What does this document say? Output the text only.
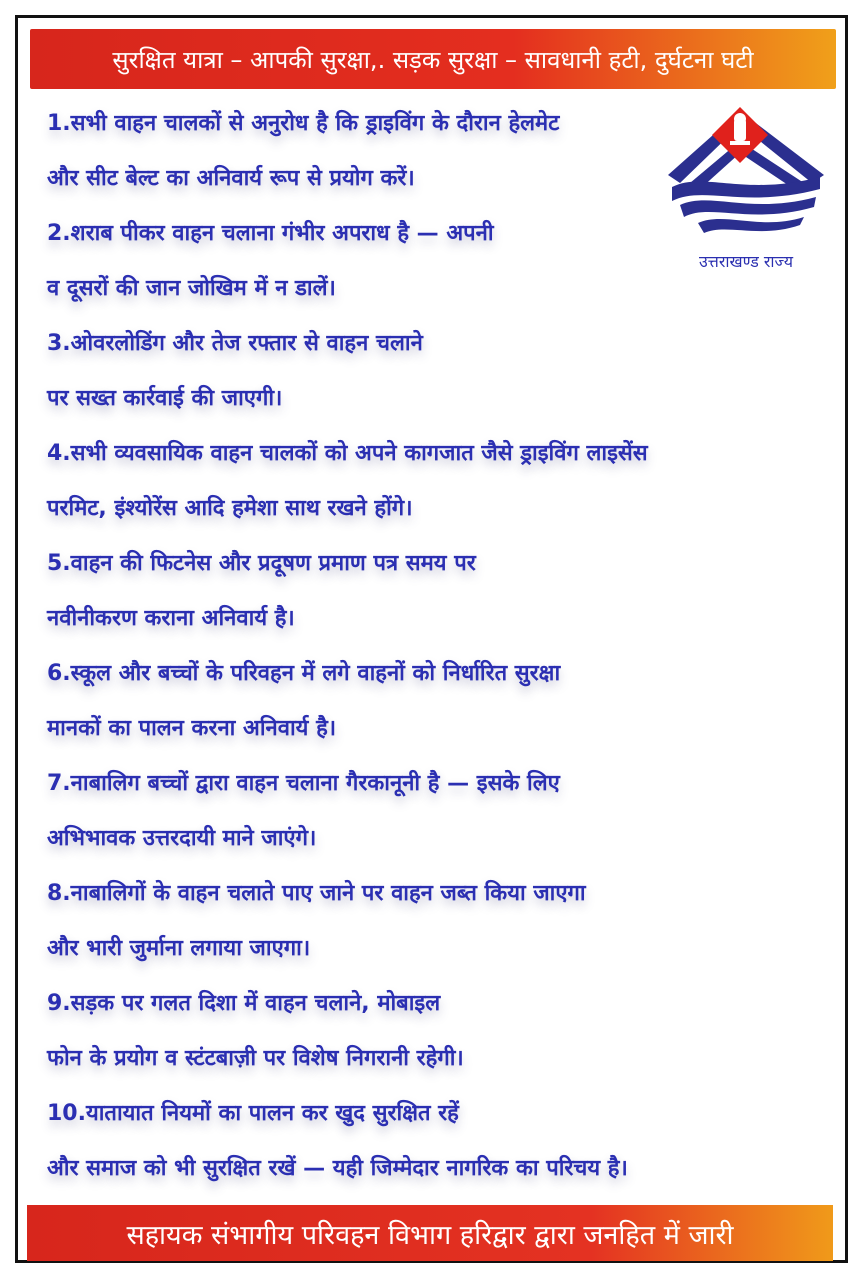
सुरक्षित यात्रा – आपकी सुरक्षा,. सड़क सुरक्षा – सावधानी हटी, दुर्घटना घटी
उत्तराखण्ड राज्य
1.सभी वाहन चालकों से अनुरोध है कि ड्राइविंग के दौरान हेलमेट
और सीट बेल्ट का अनिवार्य रूप से प्रयोग करें।
2.शराब पीकर वाहन चलाना गंभीर अपराध है — अपनी
व दूसरों की जान जोखिम में न डालें।
3.ओवरलोडिंग और तेज रफ्तार से वाहन चलाने
पर सख्त कार्रवाई की जाएगी।
4.सभी व्यवसायिक वाहन चालकों को अपने कागजात जैसे ड्राइविंग लाइसेंस
परमिट, इंश्योरेंस आदि हमेशा साथ रखने होंगे।
5.वाहन की फिटनेस और प्रदूषण प्रमाण पत्र समय पर
नवीनीकरण कराना अनिवार्य है।
6.स्कूल और बच्चों के परिवहन में लगे वाहनों को निर्धारित सुरक्षा
मानकों का पालन करना अनिवार्य है।
7.नाबालिग बच्चों द्वारा वाहन चलाना गैरकानूनी है — इसके लिए
अभिभावक उत्तरदायी माने जाएंगे।
8.नाबालिगों के वाहन चलाते पाए जाने पर वाहन जब्त किया जाएगा
और भारी जुर्माना लगाया जाएगा।
9.सड़क पर गलत दिशा में वाहन चलाने, मोबाइल
फोन के प्रयोग व स्टंटबाज़ी पर विशेष निगरानी रहेगी।
10.यातायात नियमों का पालन कर खुद सुरक्षित रहें
और समाज को भी सुरक्षित रखें — यही जिम्मेदार नागरिक का परिचय है।
सहायक संभागीय परिवहन विभाग हरिद्वार द्वारा जनहित में जारी
